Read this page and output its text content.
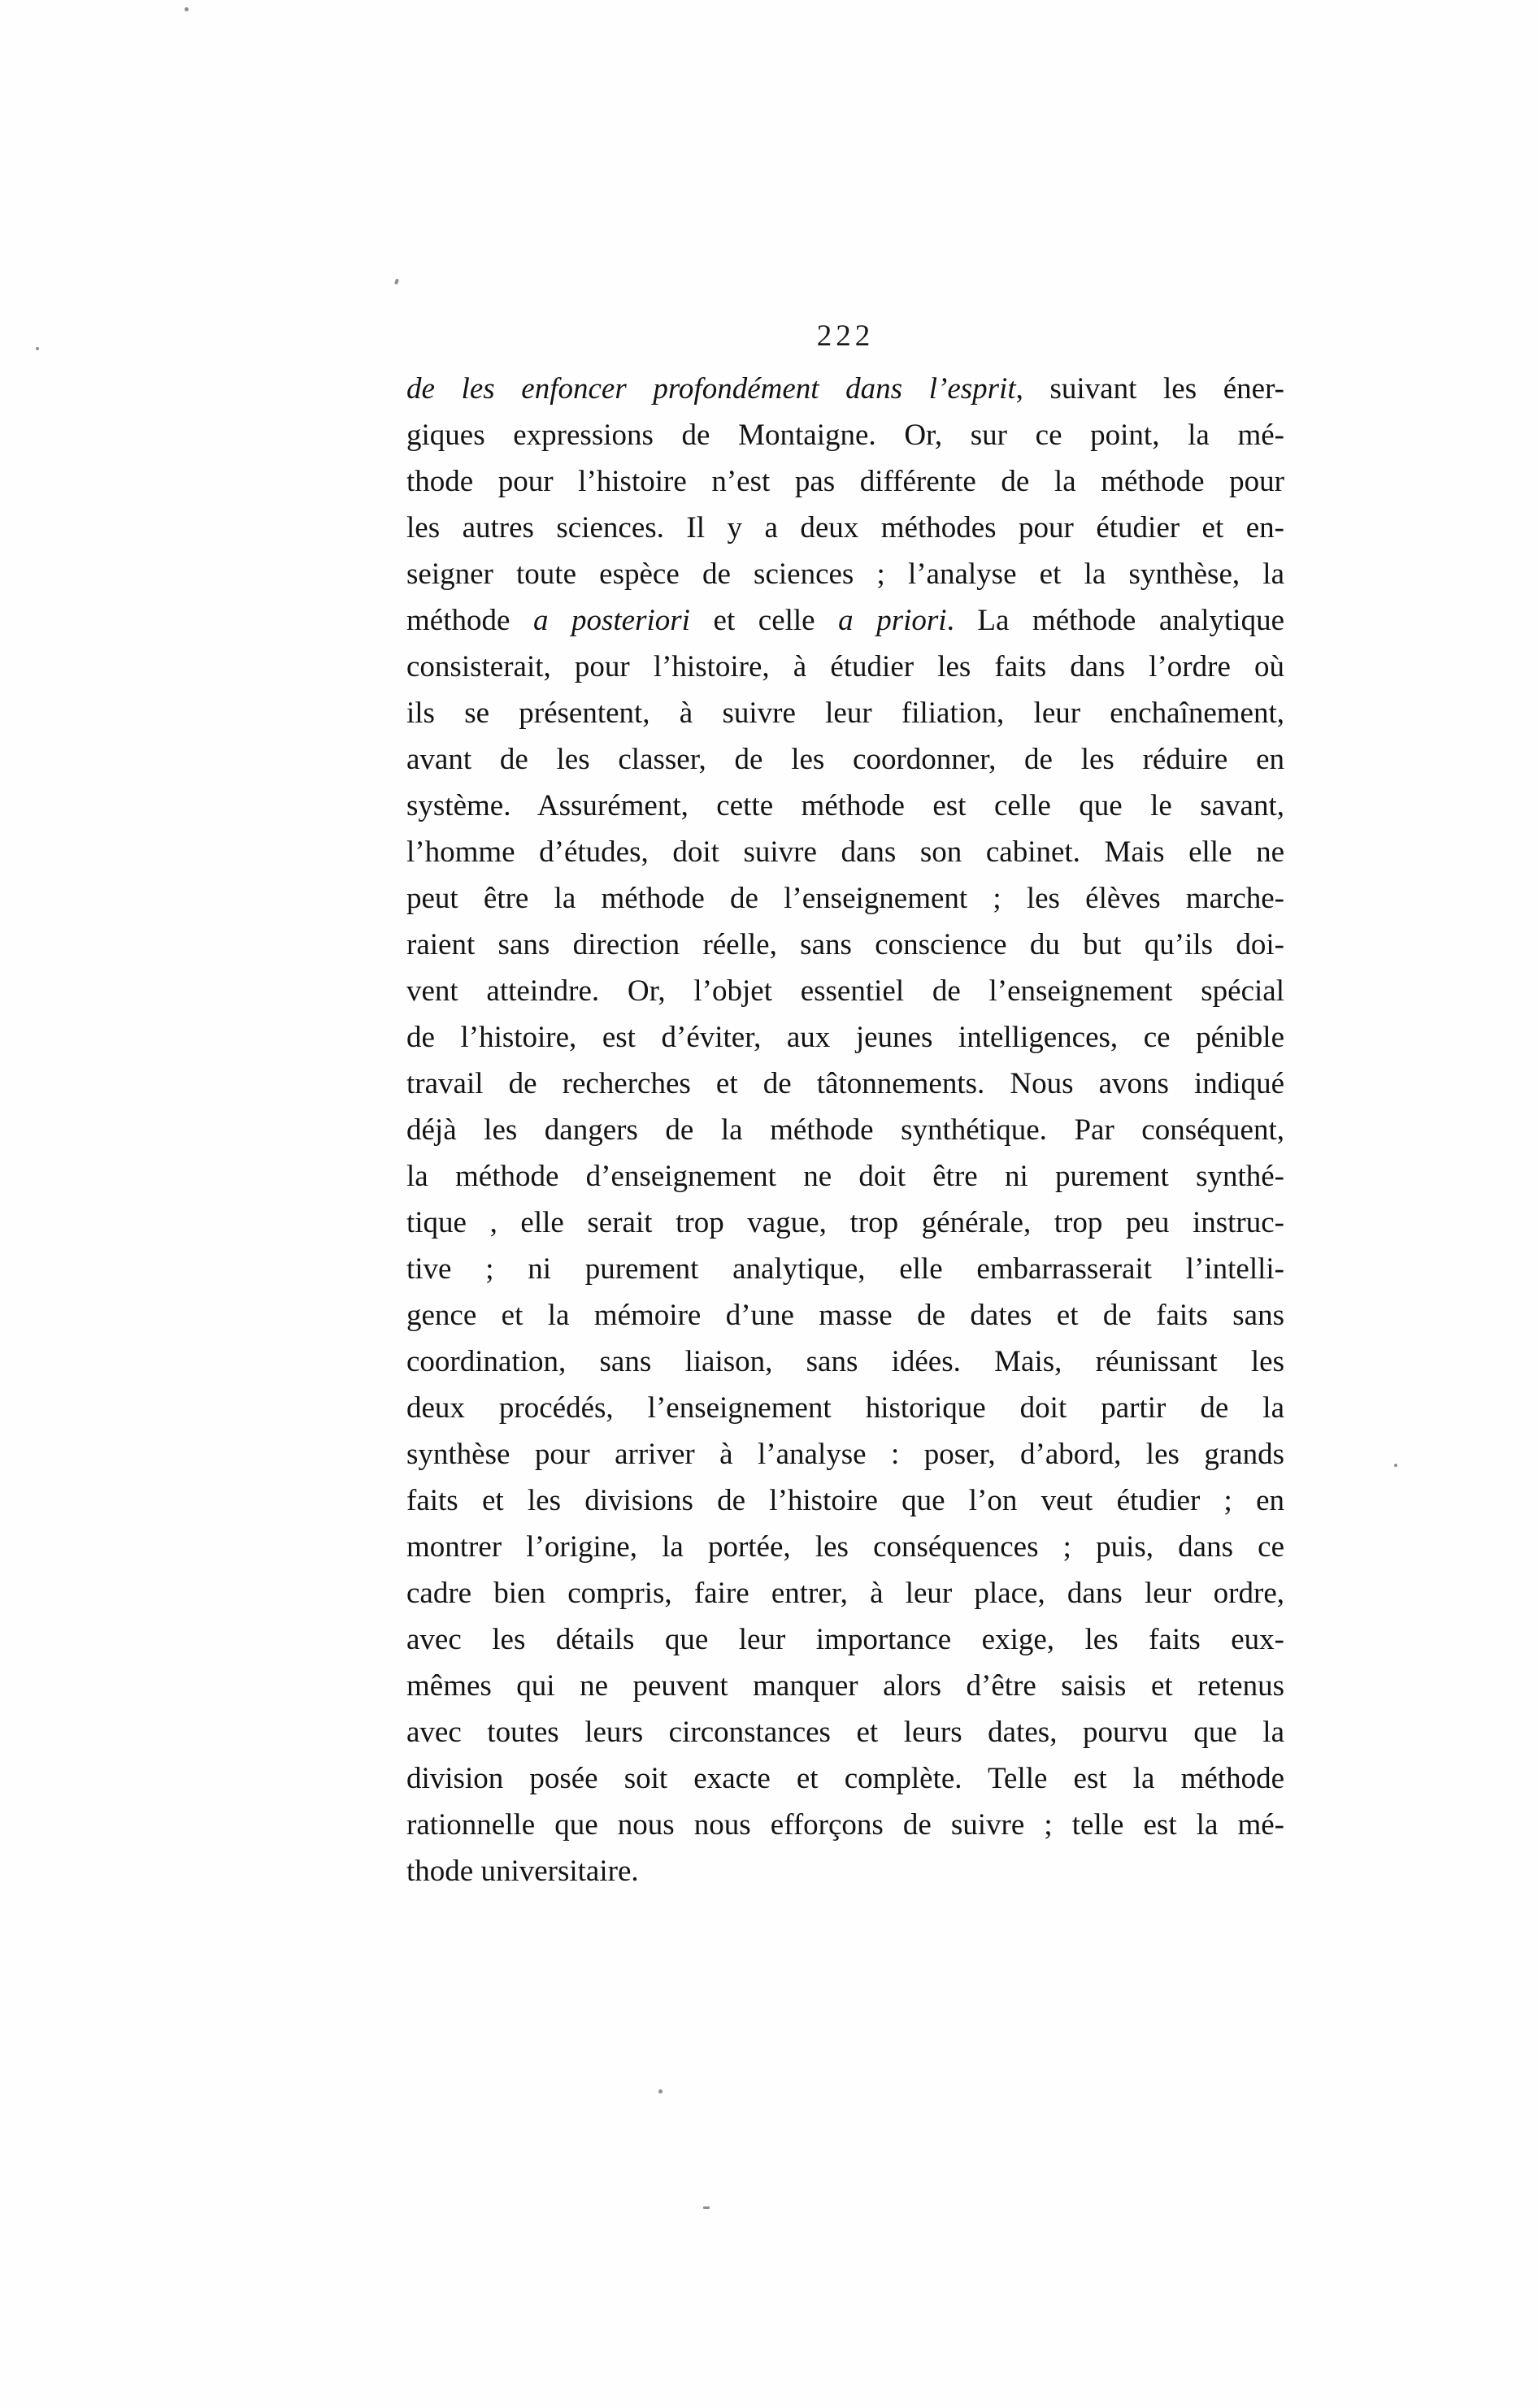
222
de les enfoncer profondément dans l’esprit, suivant les éner-
giques expressions de Montaigne. Or, sur ce point, la mé-
thode pour l’histoire n’est pas différente de la méthode pour
les autres sciences. Il y a deux méthodes pour étudier et en-
seigner toute espèce de sciences ; l’analyse et la synthèse, la
méthode a posteriori et celle a priori. La méthode analytique
consisterait, pour l’histoire, à étudier les faits dans l’ordre où
ils se présentent, à suivre leur filiation, leur enchaînement,
avant de les classer, de les coordonner, de les réduire en
système. Assurément, cette méthode est celle que le savant,
l’homme d’études, doit suivre dans son cabinet. Mais elle ne
peut être la méthode de l’enseignement ; les élèves marche-
raient sans direction réelle, sans conscience du but qu’ils doi-
vent atteindre. Or, l’objet essentiel de l’enseignement spécial
de l’histoire, est d’éviter, aux jeunes intelligences, ce pénible
travail de recherches et de tâtonnements. Nous avons indiqué
déjà les dangers de la méthode synthétique. Par conséquent,
la méthode d’enseignement ne doit être ni purement synthé-
tique , elle serait trop vague, trop générale, trop peu instruc-
tive ; ni purement analytique, elle embarrasserait l’intelli-
gence et la mémoire d’une masse de dates et de faits sans
coordination, sans liaison, sans idées. Mais, réunissant les
deux procédés, l’enseignement historique doit partir de la
synthèse pour arriver à l’analyse : poser, d’abord, les grands
faits et les divisions de l’histoire que l’on veut étudier ; en
montrer l’origine, la portée, les conséquences ; puis, dans ce
cadre bien compris, faire entrer, à leur place, dans leur ordre,
avec les détails que leur importance exige, les faits eux-
mêmes qui ne peuvent manquer alors d’être saisis et retenus
avec toutes leurs circonstances et leurs dates, pourvu que la
division posée soit exacte et complète. Telle est la méthode
rationnelle que nous nous efforçons de suivre ; telle est la mé-
thode universitaire.
